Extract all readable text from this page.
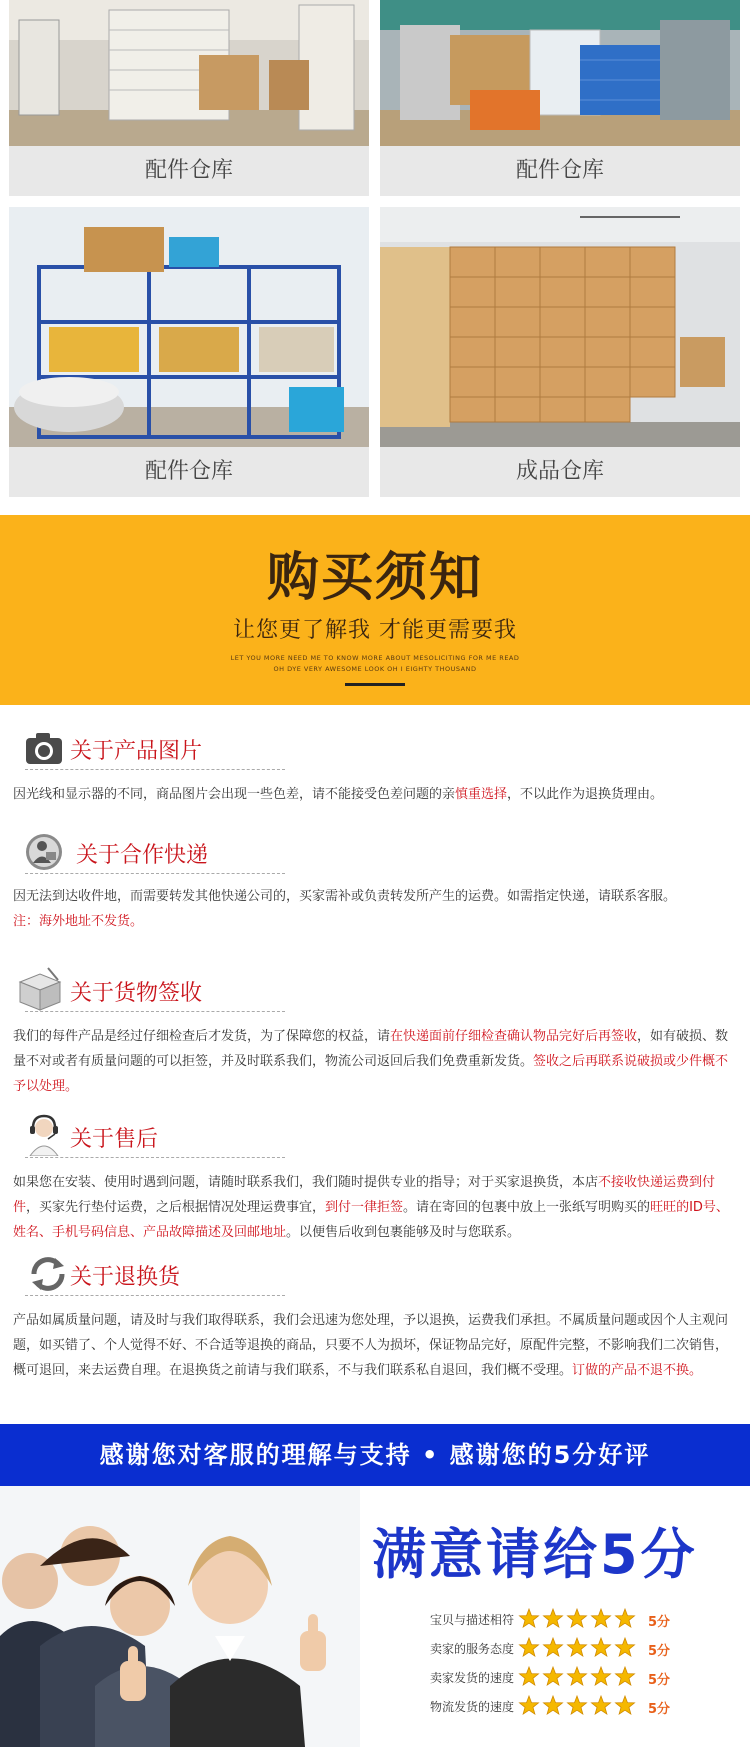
配件仓库	配件仓库
配件仓库	成品仓库
购买须知
让您更了解我 才能更需要我
LET YOU MORE NEED ME TO KNOW MORE ABOUT MESOLICITING FOR ME READ
OH DYE VERY AWESOME LOOK OH I EIGHTY THOUSAND
关于产品图片
因光线和显示器的不同，商品图片会出现一些色差，请不能接受色差问题的亲慎重选择，不以此作为退换货理由。
关于合作快递
因无法到达收件地，而需要转发其他快递公司的，买家需补或负责转发所产生的运费。如需指定快递，请联系客服。
注：海外地址不发货。
关于货物签收
我们的每件产品是经过仔细检查后才发货，为了保障您的权益，请在快递面前仔细检查确认物品完好后再签收，如有破损、数量不对或者有质量问题的可以拒签，并及时联系我们，物流公司返回后我们免费重新发货。签收之后再联系说破损或少件概不予以处理。
关于售后
如果您在安装、使用时遇到问题，请随时联系我们，我们随时提供专业的指导；对于买家退换货，本店不接收快递运费到付件，买家先行垫付运费，之后根据情况处理运费事宜，到付一律拒签。请在寄回的包裹中放上一张纸写明购买的旺旺的ID号、姓名、手机号码信息、产品故障描述及回邮地址。以便售后收到包裹能够及时与您联系。
关于退换货
产品如属质量问题，请及时与我们取得联系，我们会迅速为您处理，予以退换，运费我们承担。不属质量问题或因个人主观问题，如买错了、个人觉得不好、不合适等退换的商品，只要不人为损坏，保证物品完好，原配件完整，不影响我们二次销售，概可退回，来去运费自理。在退换货之前请与我们联系，不与我们联系私自退回，我们概不受理。订做的产品不退不换。
感谢您对客服的理解与支持 • 感谢您的5分好评
满意请给5分
宝贝与描述相符	5分
卖家的服务态度	5分
卖家发货的速度	5分
物流发货的速度	5分
